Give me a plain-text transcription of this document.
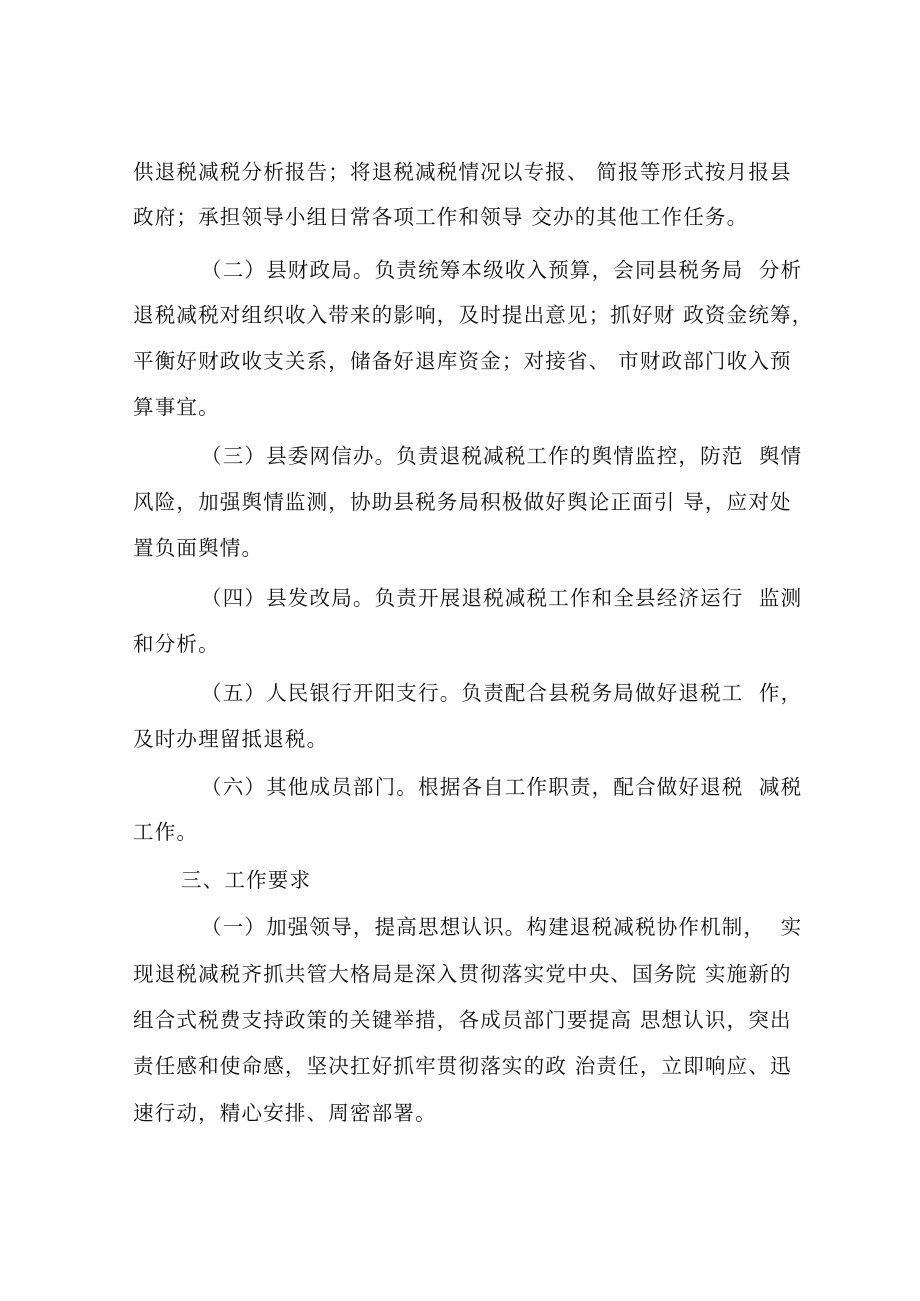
供退税减税分析报告；将退税减税情况以专报、 简报等形式按月报县
政府；承担领导小组日常各项工作和领导 交办的其他工作任务。
（二）县财政局。负责统筹本级收入预算，会同县税务局  分析
退税减税对组织收入带来的影响，及时提出意见；抓好财 政资金统筹，
平衡好财政收支关系，储备好退库资金；对接省、 市财政部门收入预
算事宜。
（三）县委网信办。负责退税减税工作的舆情监控，防范  舆情
风险，加强舆情监测，协助县税务局积极做好舆论正面引 导，应对处
置负面舆情。
（四）县发改局。负责开展退税减税工作和全县经济运行  监测
和分析。
（五）人民银行开阳支行。负责配合县税务局做好退税工  作，
及时办理留抵退税。
（六）其他成员部门。根据各自工作职责，配合做好退税  减税
工作。
三、工作要求
（一）加强领导，提高思想认识。构建退税减税协作机制，  实
现退税减税齐抓共管大格局是深入贯彻落实党中央、国务院 实施新的
组合式税费支持政策的关键举措，各成员部门要提高 思想认识，突出
责任感和使命感，坚决扛好抓牢贯彻落实的政 治责任，立即响应、迅
速行动，精心安排、周密部署。
